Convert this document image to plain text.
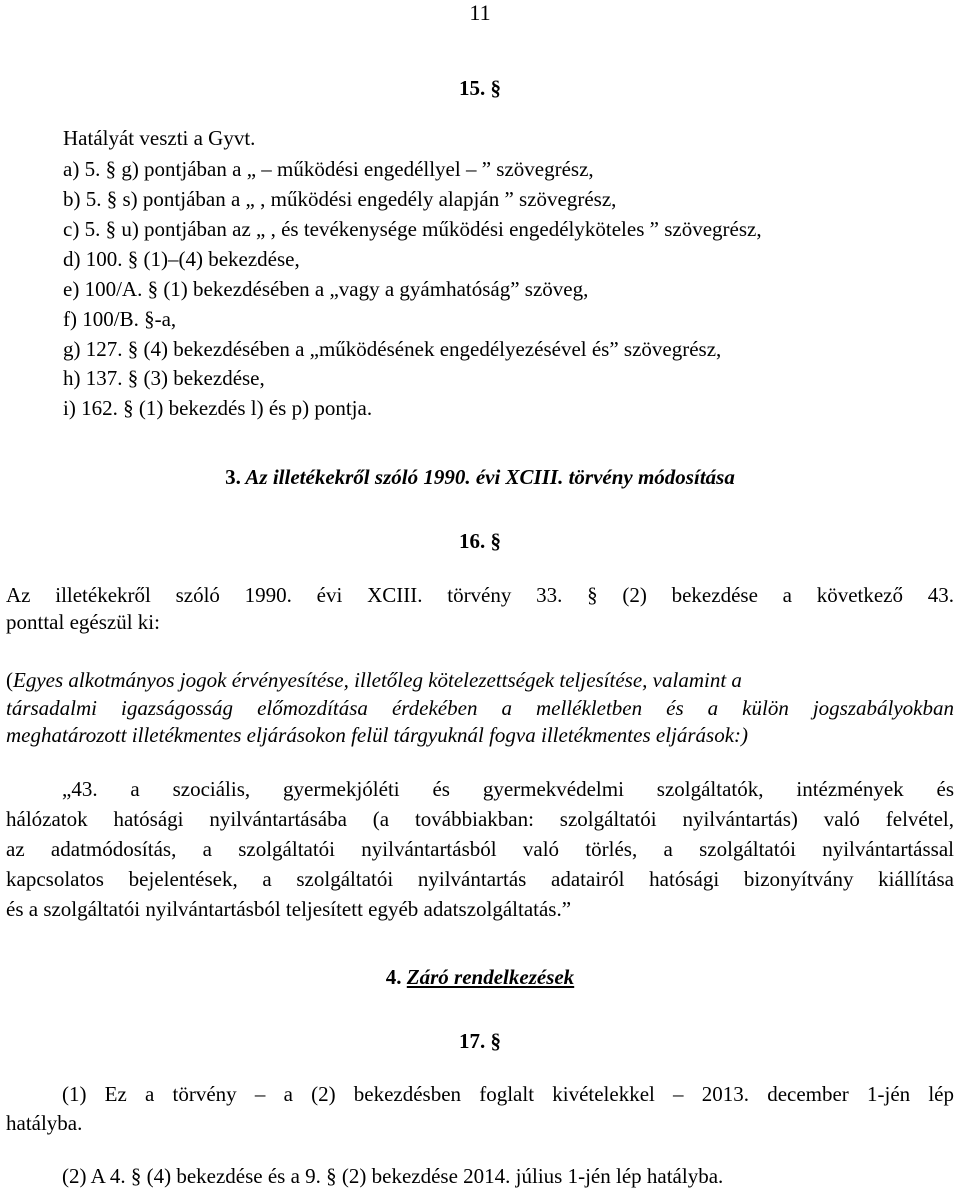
11
15. §
Hatályát veszti a Gyvt.
a) 5. § g) pontjában a „ – működési engedéllyel – ” szövegrész,
b) 5. § s) pontjában a „ , működési engedély alapján ” szövegrész,
c) 5. § u) pontjában az „ , és tevékenysége működési engedélyköteles ” szövegrész,
d) 100. § (1)–(4) bekezdése,
e) 100/A. § (1) bekezdésében a „vagy a gyámhatóság” szöveg,
f) 100/B. §-a,
g) 127. § (4) bekezdésében a „működésének engedélyezésével és” szövegrész,
h) 137. § (3) bekezdése,
i) 162. § (1) bekezdés l) és p) pontja.
3. Az illetékekről szóló 1990. évi XCIII. törvény módosítása
16. §
Az illetékekről szóló 1990. évi XCIII. törvény 33. § (2) bekezdése a következő 43.
ponttal egészül ki:
(Egyes alkotmányos jogok érvényesítése, illetőleg kötelezettségek teljesítése, valamint a
társadalmi igazságosság előmozdítása érdekében a mellékletben és a külön jogszabályokban
meghatározott illetékmentes eljárásokon felül tárgyuknál fogva illetékmentes eljárások:)
„43. a szociális, gyermekjóléti és gyermekvédelmi szolgáltatók, intézmények és
hálózatok hatósági nyilvántartásába (a továbbiakban: szolgáltatói nyilvántartás) való felvétel,
az adatmódosítás, a szolgáltatói nyilvántartásból való törlés, a szolgáltatói nyilvántartással
kapcsolatos bejelentések, a szolgáltatói nyilvántartás adatairól hatósági bizonyítvány kiállítása
és a szolgáltatói nyilvántartásból teljesített egyéb adatszolgáltatás.”
4. Záró rendelkezések
17. §
(1) Ez a törvény – a (2) bekezdésben foglalt kivételekkel – 2013. december 1-jén lép
hatályba.
(2) A 4. § (4) bekezdése és a 9. § (2) bekezdése 2014. július 1-jén lép hatályba.
